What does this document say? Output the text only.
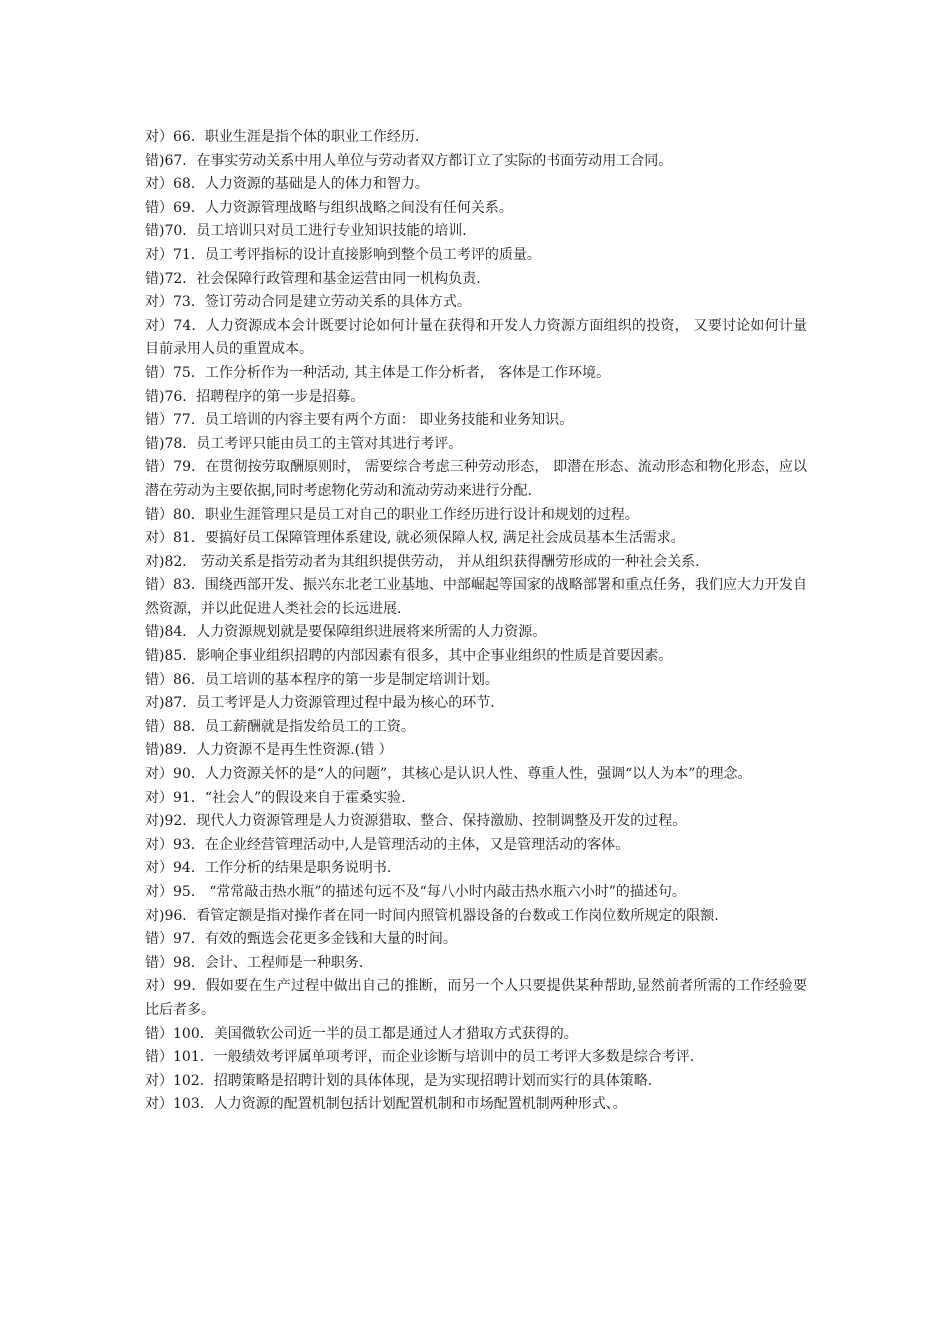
对）66．职业生涯是指个体的职业工作经历.

错)67．在事实劳动关系中用人单位与劳动者双方都订立了实际的书面劳动用工合同。

对）68．人力资源的基础是人的体力和智力。

错）69．人力资源管理战略与组织战略之间没有任何关系。

错)70．员工培训只对员工进行专业知识技能的培训.

对）71．员工考评指标的设计直接影响到整个员工考评的质量。

错)72．社会保障行政管理和基金运营由同一机构负责.

对）73．签订劳动合同是建立劳动关系的具体方式。

对）74．人力资源成本会计既要讨论如何计量在获得和开发人力资源方面组织的投资， 又要讨论如何计量目前录用人员的重置成本。

错）75．工作分析作为一种活动, 其主体是工作分析者， 客体是工作环境。

错)76．招聘程序的第一步是招募。

错）77．员工培训的内容主要有两个方面： 即业务技能和业务知识。

错)78．员工考评只能由员工的主管对其进行考评。

错）79．在贯彻按劳取酬原则时， 需要综合考虑三种劳动形态， 即潜在形态、流动形态和物化形态，应以潜在劳动为主要依据,同时考虑物化劳动和流动劳动来进行分配.

错）80．职业生涯管理只是员工对自己的职业工作经历进行设计和规划的过程。

对）81．要搞好员工保障管理体系建设, 就必须保障人权, 满足社会成员基本生活需求。

对)82． 劳动关系是指劳动者为其组织提供劳动， 并从组织获得酬劳形成的一种社会关系.

错）83．围绕西部开发、振兴东北老工业基地、中部崛起等国家的战略部署和重点任务，我们应大力开发自然资源，并以此促进人类社会的长远进展.

错)84．人力资源规划就是要保障组织进展将来所需的人力资源。

错)85．影响企事业组织招聘的内部因素有很多，其中企事业组织的性质是首要因素。

错）86．员工培训的基本程序的第一步是制定培训计划。

对)87．员工考评是人力资源管理过程中最为核心的环节.

错）88．员工薪酬就是指发给员工的工资。

错)89．人力资源不是再生性资源.(错 ）

对）90．人力资源关怀的是“人的问题”，其核心是认识人性、尊重人性，强调“以人为本”的理念。

对）91．“社会人”的假设来自于霍桑实验.

对)92．现代人力资源管理是人力资源猎取、整合、保持激励、控制调整及开发的过程。

对）93．在企业经营管理活动中,人是管理活动的主体，又是管理活动的客体。

对）94．工作分析的结果是职务说明书.

对）95． “常常敲击热水瓶”的描述句远不及“每八小时内敲击热水瓶六小时”的描述句。

对)96．看管定额是指对操作者在同一时间内照管机器设备的台数或工作岗位数所规定的限额.

错）97．有效的甄选会花更多金钱和大量的时间。

错）98．会计、工程师是一种职务.

对）99．假如要在生产过程中做出自己的推断，而另一个人只要提供某种帮助,显然前者所需的工作经验要比后者多。

错）100．美国微软公司近一半的员工都是通过人才猎取方式获得的。

错）101．一般绩效考评属单项考评，而企业诊断与培训中的员工考评大多数是综合考评.

对）102．招聘策略是招聘计划的具体体现，是为实现招聘计划而实行的具体策略.

对）103．人力资源的配置机制包括计划配置机制和市场配置机制两种形式、。
